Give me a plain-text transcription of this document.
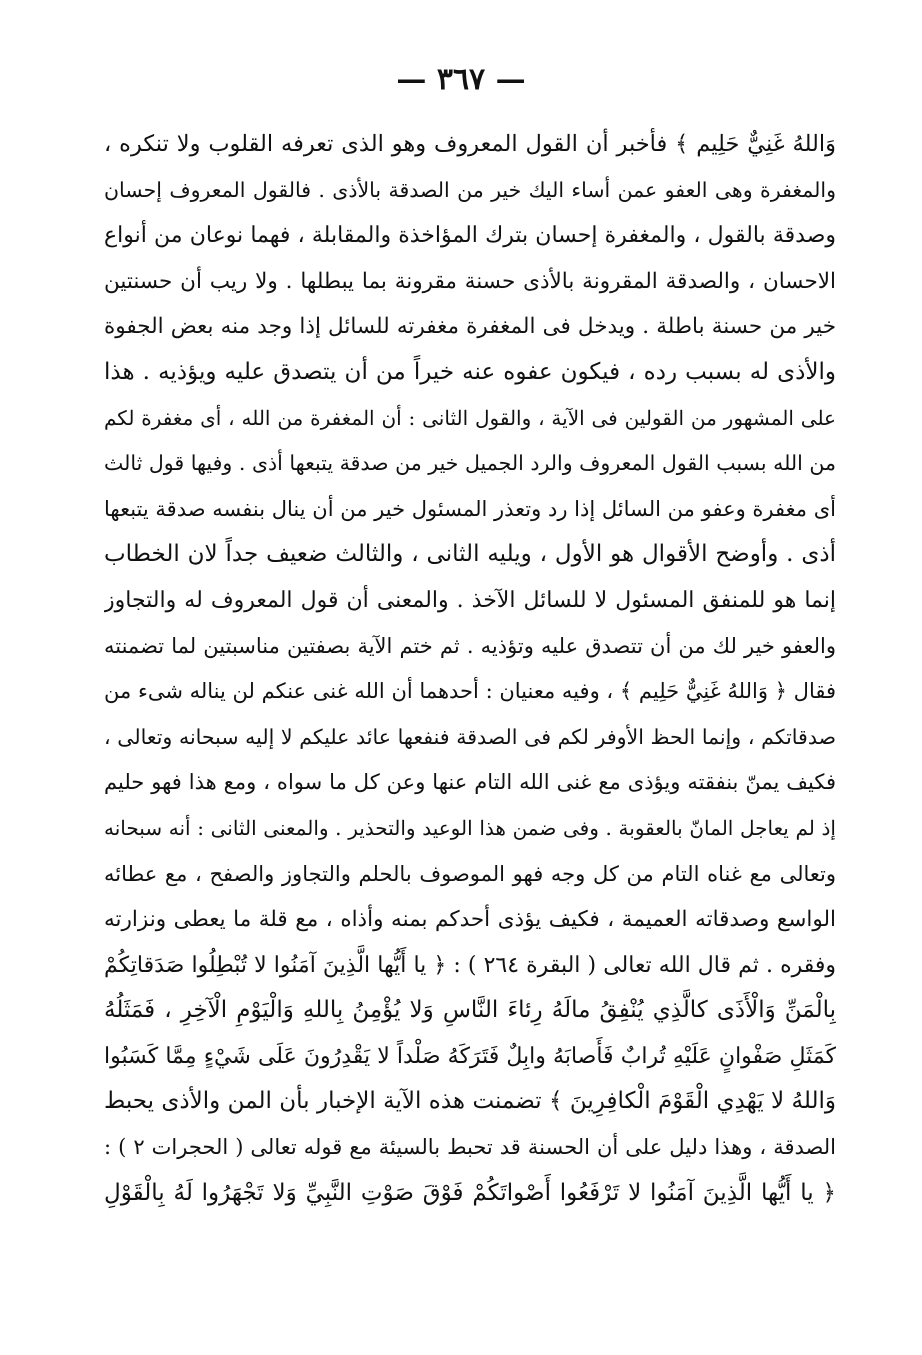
— ٣٦٧ —
وَاللهُ غَنِيٌّ حَلِيم ﴾ فأخبر أن القول المعروف وهو الذى تعرفه القلوب ولا تنكره ،
والمغفرة وهى العفو عمن أساء اليك خير من الصدقة بالأذى . فالقول المعروف إحسان
وصدقة بالقول ، والمغفرة إحسان بترك المؤاخذة والمقابلة ، فهما نوعان من أنواع
الاحسان ، والصدقة المقرونة بالأذى حسنة مقرونة بما يبطلها . ولا ريب أن حسنتين
خير من حسنة باطلة . ويدخل فى المغفرة مغفرته للسائل إذا وجد منه بعض الجفوة
والأذى له بسبب رده ، فيكون عفوه عنه خيراً من أن يتصدق عليه ويؤذيه . هذا
على المشهور من القولين فى الآية ، والقول الثانى : أن المغفرة من الله ، أى مغفرة لكم
من الله بسبب القول المعروف والرد الجميل خير من صدقة يتبعها أذى . وفيها قول ثالث
أى مغفرة وعفو من السائل إذا رد وتعذر المسئول خير من أن ينال بنفسه صدقة يتبعها
أذى . وأوضح الأقوال هو الأول ، ويليه الثانى ، والثالث ضعيف جداً لان الخطاب
إنما هو للمنفق المسئول لا للسائل الآخذ . والمعنى أن قول المعروف له والتجاوز
والعفو خير لك من أن تتصدق عليه وتؤذيه . ثم ختم الآية بصفتين مناسبتين لما تضمنته
فقال ﴿ وَاللهُ غَنِيٌّ حَلِيم ﴾ ، وفيه معنيان : أحدهما أن الله غنى عنكم لن يناله شىء من
صدقاتكم ، وإنما الحظ الأوفر لكم فى الصدقة فنفعها عائد عليكم لا إليه سبحانه وتعالى ،
فكيف يمنّ بنفقته ويؤذى مع غنى الله التام عنها وعن كل ما سواه ، ومع هذا فهو حليم
إذ لم يعاجل المانّ بالعقوبة . وفى ضمن هذا الوعيد والتحذير . والمعنى الثانى : أنه سبحانه
وتعالى مع غناه التام من كل وجه فهو الموصوف بالحلم والتجاوز والصفح ، مع عطائه
الواسع وصدقاته العميمة ، فكيف يؤذى أحدكم بمنه وأذاه ، مع قلة ما يعطى ونزارته
وفقره . ثم قال الله تعالى ( البقرة ٢٦٤ ) : ﴿ يا أَيُّها الَّذِينَ آمَنُوا لا تُبْطِلُوا صَدَقاتِكُمْ
بِالْمَنِّ وَالْأَذَى كالَّذِي يُنْفِقُ مالَهُ رِئاءَ النَّاسِ وَلا يُؤْمِنُ بِاللهِ وَالْيَوْمِ الْآخِرِ ، فَمَثَلُهُ
كَمَثَلِ صَفْوانٍ عَلَيْهِ تُرابٌ فَأَصابَهُ وابِلٌ فَتَرَكَهُ صَلْداً لا يَقْدِرُونَ عَلَى شَيْءٍ مِمَّا كَسَبُوا
وَاللهُ لا يَهْدِي الْقَوْمَ الْكافِرِينَ ﴾ تضمنت هذه الآية الإخبار بأن المن والأذى يحبط
الصدقة ، وهذا دليل على أن الحسنة قد تحبط بالسيئة مع قوله تعالى ( الحجرات ٢ ) :
﴿ يا أَيُّها الَّذِينَ آمَنُوا لا تَرْفَعُوا أَصْواتَكُمْ فَوْقَ صَوْتِ النَّبِيِّ وَلا تَجْهَرُوا لَهُ بِالْقَوْلِ
